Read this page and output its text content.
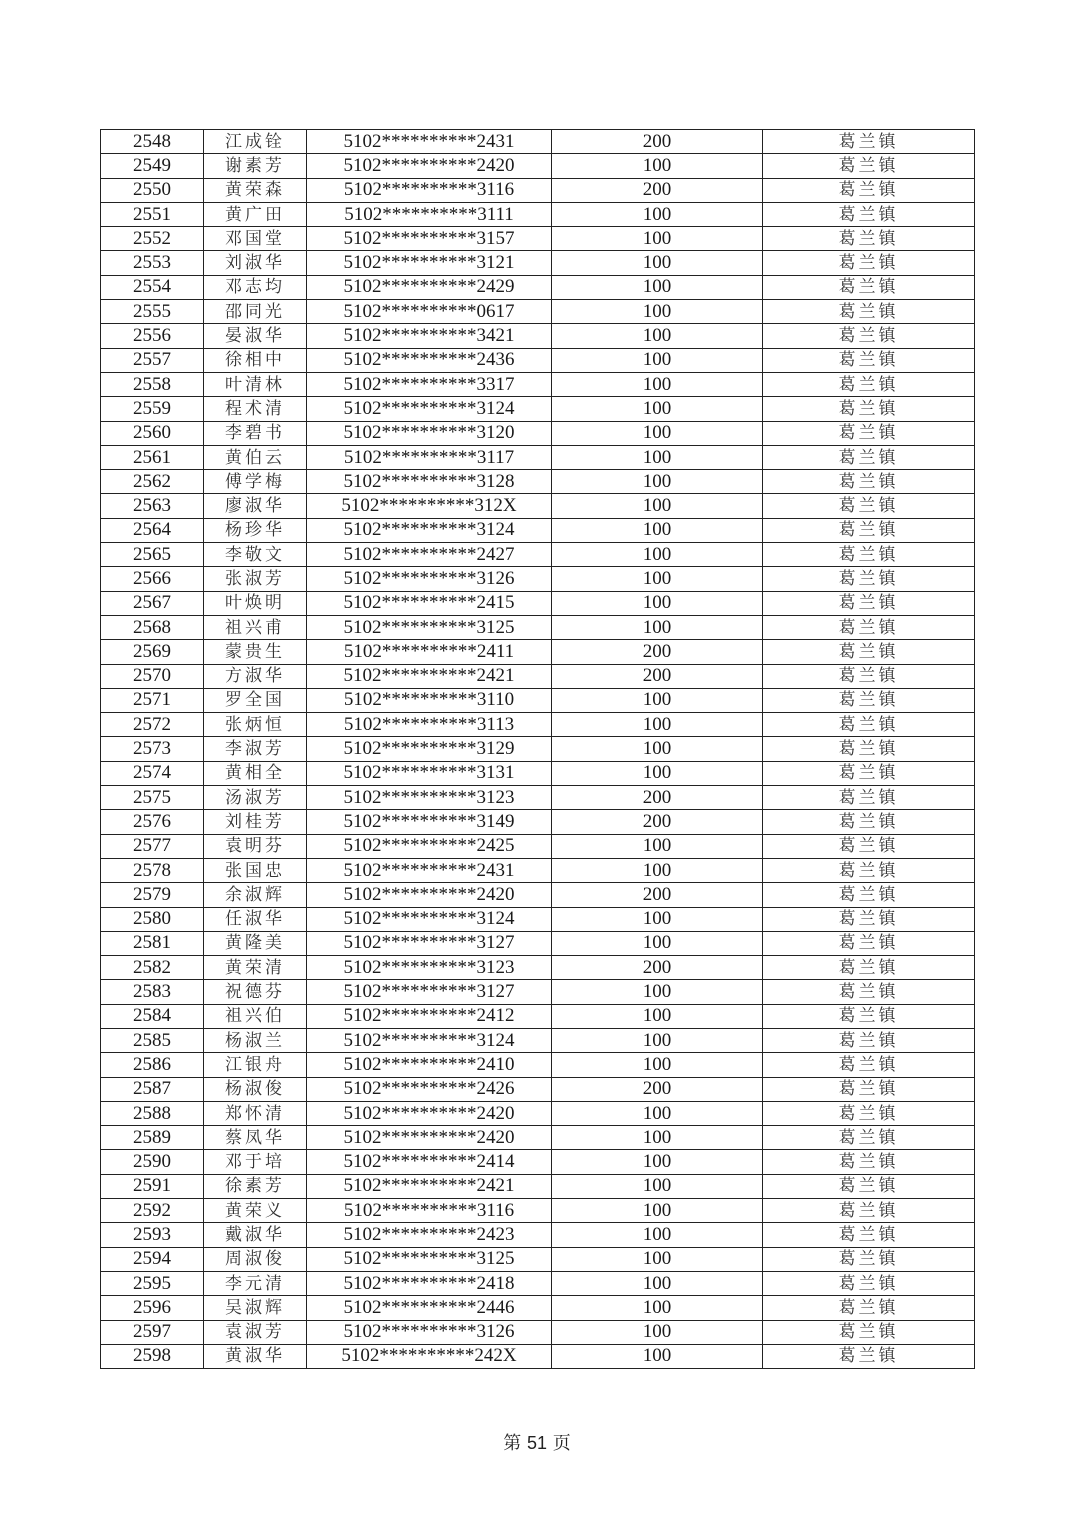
2548	江成铨	5102**********2431	200	葛兰镇
2549	谢素芳	5102**********2420	100	葛兰镇
2550	黄荣森	5102**********3116	200	葛兰镇
2551	黄广田	5102**********3111	100	葛兰镇
2552	邓国堂	5102**********3157	100	葛兰镇
2553	刘淑华	5102**********3121	100	葛兰镇
2554	邓志均	5102**********2429	100	葛兰镇
2555	邵同光	5102**********0617	100	葛兰镇
2556	晏淑华	5102**********3421	100	葛兰镇
2557	徐相中	5102**********2436	100	葛兰镇
2558	叶清林	5102**********3317	100	葛兰镇
2559	程术清	5102**********3124	100	葛兰镇
2560	李碧书	5102**********3120	100	葛兰镇
2561	黄伯云	5102**********3117	100	葛兰镇
2562	傅学梅	5102**********3128	100	葛兰镇
2563	廖淑华	5102**********312X	100	葛兰镇
2564	杨珍华	5102**********3124	100	葛兰镇
2565	李敬文	5102**********2427	100	葛兰镇
2566	张淑芳	5102**********3126	100	葛兰镇
2567	叶焕明	5102**********2415	100	葛兰镇
2568	祖兴甫	5102**********3125	100	葛兰镇
2569	蒙贵生	5102**********2411	200	葛兰镇
2570	方淑华	5102**********2421	200	葛兰镇
2571	罗全国	5102**********3110	100	葛兰镇
2572	张炳恒	5102**********3113	100	葛兰镇
2573	李淑芳	5102**********3129	100	葛兰镇
2574	黄相全	5102**********3131	100	葛兰镇
2575	汤淑芳	5102**********3123	200	葛兰镇
2576	刘桂芳	5102**********3149	200	葛兰镇
2577	袁明芬	5102**********2425	100	葛兰镇
2578	张国忠	5102**********2431	100	葛兰镇
2579	余淑辉	5102**********2420	200	葛兰镇
2580	任淑华	5102**********3124	100	葛兰镇
2581	黄隆美	5102**********3127	100	葛兰镇
2582	黄荣清	5102**********3123	200	葛兰镇
2583	祝德芬	5102**********3127	100	葛兰镇
2584	祖兴伯	5102**********2412	100	葛兰镇
2585	杨淑兰	5102**********3124	100	葛兰镇
2586	江银舟	5102**********2410	100	葛兰镇
2587	杨淑俊	5102**********2426	200	葛兰镇
2588	郑怀清	5102**********2420	100	葛兰镇
2589	蔡凤华	5102**********2420	100	葛兰镇
2590	邓于培	5102**********2414	100	葛兰镇
2591	徐素芳	5102**********2421	100	葛兰镇
2592	黄荣义	5102**********3116	100	葛兰镇
2593	戴淑华	5102**********2423	100	葛兰镇
2594	周淑俊	5102**********3125	100	葛兰镇
2595	李元清	5102**********2418	100	葛兰镇
2596	吴淑辉	5102**********2446	100	葛兰镇
2597	袁淑芳	5102**********3126	100	葛兰镇
2598	黄淑华	5102**********242X	100	葛兰镇
第 51 页
